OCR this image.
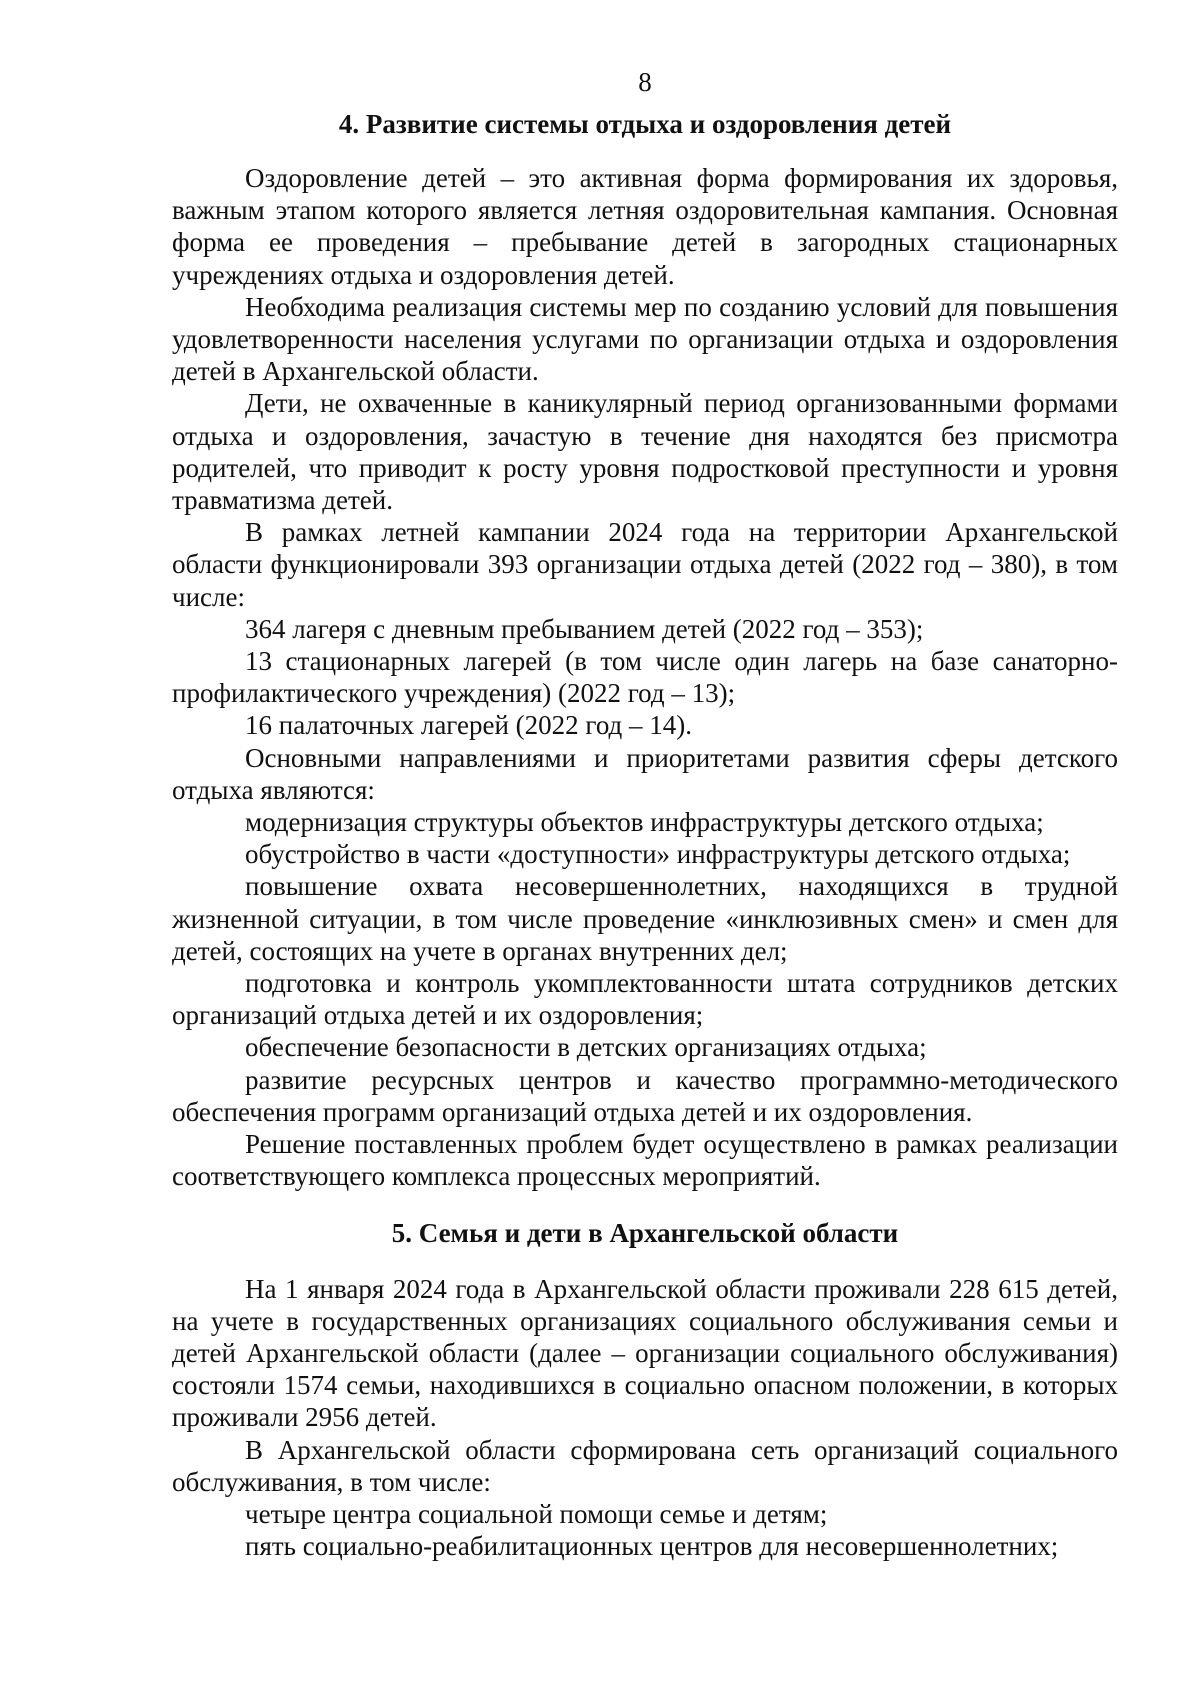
8
4. Развитие системы отдыха и оздоровления детей

Оздоровление детей – это активная форма формирования их здоровья, важным этапом которого является летняя оздоровительная кампания. Основная форма ее проведения – пребывание детей в загородных стационарных учреждениях отдыха и оздоровления детей.

Необходима реализация системы мер по созданию условий для повышения удовлетворенности населения услугами по организации отдыха и оздоровления детей в Архангельской области.

Дети, не охваченные в каникулярный период организованными формами отдыха и оздоровления, зачастую в течение дня находятся без присмотра родителей, что приводит к росту уровня подростковой преступности и уровня травматизма детей.

В рамках летней кампании 2024 года на территории Архангельской области функционировали 393 организации отдыха детей (2022 год – 380), в том числе:

364 лагеря с дневным пребыванием детей (2022 год – 353);

13 стационарных лагерей (в том числе один лагерь на базе санаторно-профилактического учреждения) (2022 год – 13);

16 палаточных лагерей (2022 год – 14).

Основными направлениями и приоритетами развития сферы детского отдыха являются:

модернизация структуры объектов инфраструктуры детского отдыха;

обустройство в части «доступности» инфраструктуры детского отдыха;

повышение охвата несовершеннолетних, находящихся в трудной жизненной ситуации, в том числе проведение «инклюзивных смен» и смен для детей, состоящих на учете в органах внутренних дел;

подготовка и контроль укомплектованности штата сотрудников детских организаций отдыха детей и их оздоровления;

обеспечение безопасности в детских организациях отдыха;

развитие ресурсных центров и качество программно-методического обеспечения программ организаций отдыха детей и их оздоровления.

Решение поставленных проблем будет осуществлено в рамках реализации соответствующего комплекса процессных мероприятий.

5. Семья и дети в Архангельской области

На 1 января 2024 года в Архангельской области проживали 228 615 детей, на учете в государственных организациях социального обслуживания семьи и детей Архангельской области (далее – организации социального обслуживания) состояли 1574 семьи, находившихся в социально опасном положении, в которых проживали 2956 детей.

В Архангельской области сформирована сеть организаций социального обслуживания, в том числе:

четыре центра социальной помощи семье и детям;

пять социально-реабилитационных центров для несовершеннолетних;
